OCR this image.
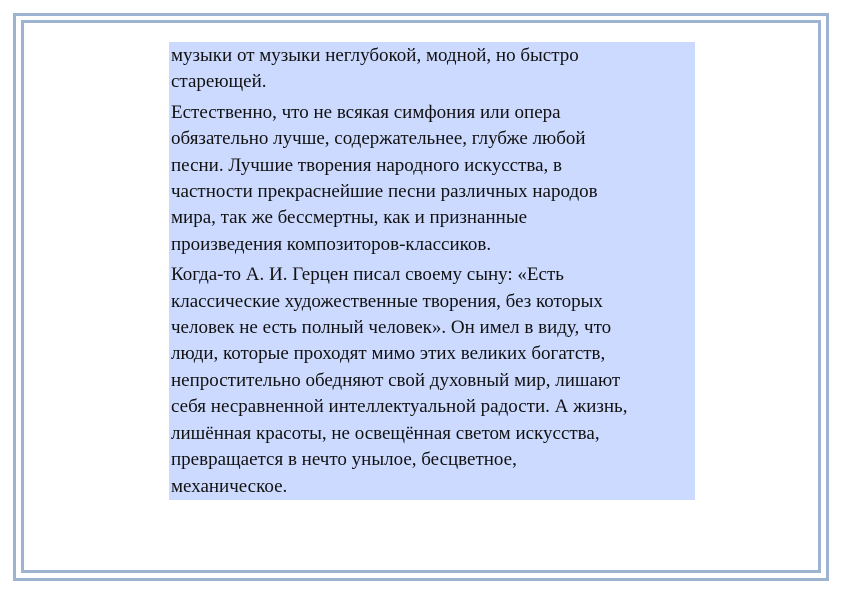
музыки от музыки неглубокой, модной, но быстро
стареющей.

Естественно, что не всякая симфония или опера
обязательно лучше, содержательнее, глубже любой
песни. Лучшие творения народного искусства, в
частности прекраснейшие песни различных народов
мира, так же бессмертны, как и признанные
произведения композиторов-классиков.

Когда-то А. И. Герцен писал своему сыну: «Есть
классические художественные творения, без которых
человек не есть полный человек». Он имел в виду, что
люди, которые проходят мимо этих великих богатств,
непростительно обедняют свой духовный мир, лишают
себя несравненной интеллектуальной радости. А жизнь,
лишённая красоты, не освещённая светом искусства,
превращается в нечто унылое, бесцветное,
механическое.
